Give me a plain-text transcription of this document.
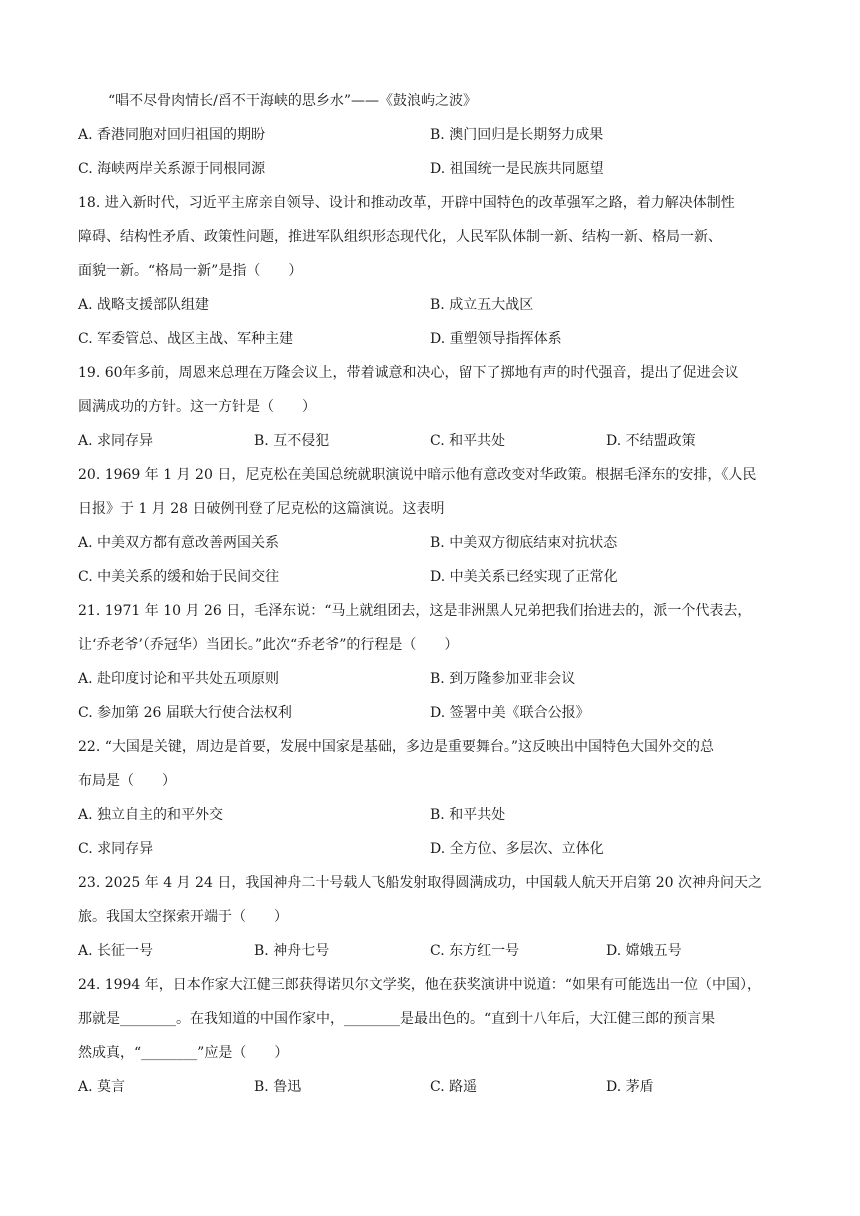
“唱不尽骨肉情长/舀不干海峡的思乡水”——《鼓浪屿之波》
A. 香港同胞对回归祖国的期盼	B. 澳门回归是长期努力成果
C. 海峡两岸关系源于同根同源	D. 祖国统一是民族共同愿望
18. 进入新时代，习近平主席亲自领导、设计和推动改革，开辟中国特色的改革强军之路，着力解决体制性
障碍、结构性矛盾、政策性问题，推进军队组织形态现代化，人民军队体制一新、结构一新、格局一新、
面貌一新。“格局一新”是指（　　）
A. 战略支援部队组建	B. 成立五大战区
C. 军委管总、战区主战、军种主建	D. 重塑领导指挥体系
19. 60年多前，周恩来总理在万隆会议上，带着诚意和决心，留下了掷地有声的时代强音，提出了促进会议
圆满成功的方针。这一方针是（　　）
A. 求同存异	B. 互不侵犯	C. 和平共处	D. 不结盟政策
20. 1969 年 1 月 20 日，尼克松在美国总统就职演说中暗示他有意改变对华政策。根据毛泽东的安排，《人民
日报》于 1 月 28 日破例刊登了尼克松的这篇演说。这表明
A. 中美双方都有意改善两国关系	B. 中美双方彻底结束对抗状态
C. 中美关系的缓和始于民间交往	D. 中美关系已经实现了正常化
21. 1971 年 10 月 26 日，毛泽东说：“马上就组团去，这是非洲黑人兄弟把我们抬进去的，派一个代表去，
让‘乔老爷’（乔冠华）当团长。”此次“乔老爷”的行程是（　　）
A. 赴印度讨论和平共处五项原则	B. 到万隆参加亚非会议
C. 参加第 26 届联大行使合法权利	D. 签署中美《联合公报》
22. “大国是关键，周边是首要，发展中国家是基础，多边是重要舞台。”这反映出中国特色大国外交的总
布局是（　　）
A. 独立自主的和平外交	B. 和平共处
C. 求同存异	D. 全方位、多层次、立体化
23. 2025 年 4 月 24 日，我国神舟二十号载人飞船发射取得圆满成功，中国载人航天开启第 20 次神舟问天之
旅。我国太空探索开端于（　　）
A. 长征一号	B. 神舟七号	C. 东方红一号	D. 嫦娥五号
24. 1994 年，日本作家大江健三郎获得诺贝尔文学奖，他在获奖演讲中说道：“如果有可能选出一位（中国），
那就是________。在我知道的中国作家中，________是最出色的。“直到十八年后，大江健三郎的预言果
然成真，“________”应是（　　）
A. 莫言	B. 鲁迅	C. 路遥	D. 茅盾
